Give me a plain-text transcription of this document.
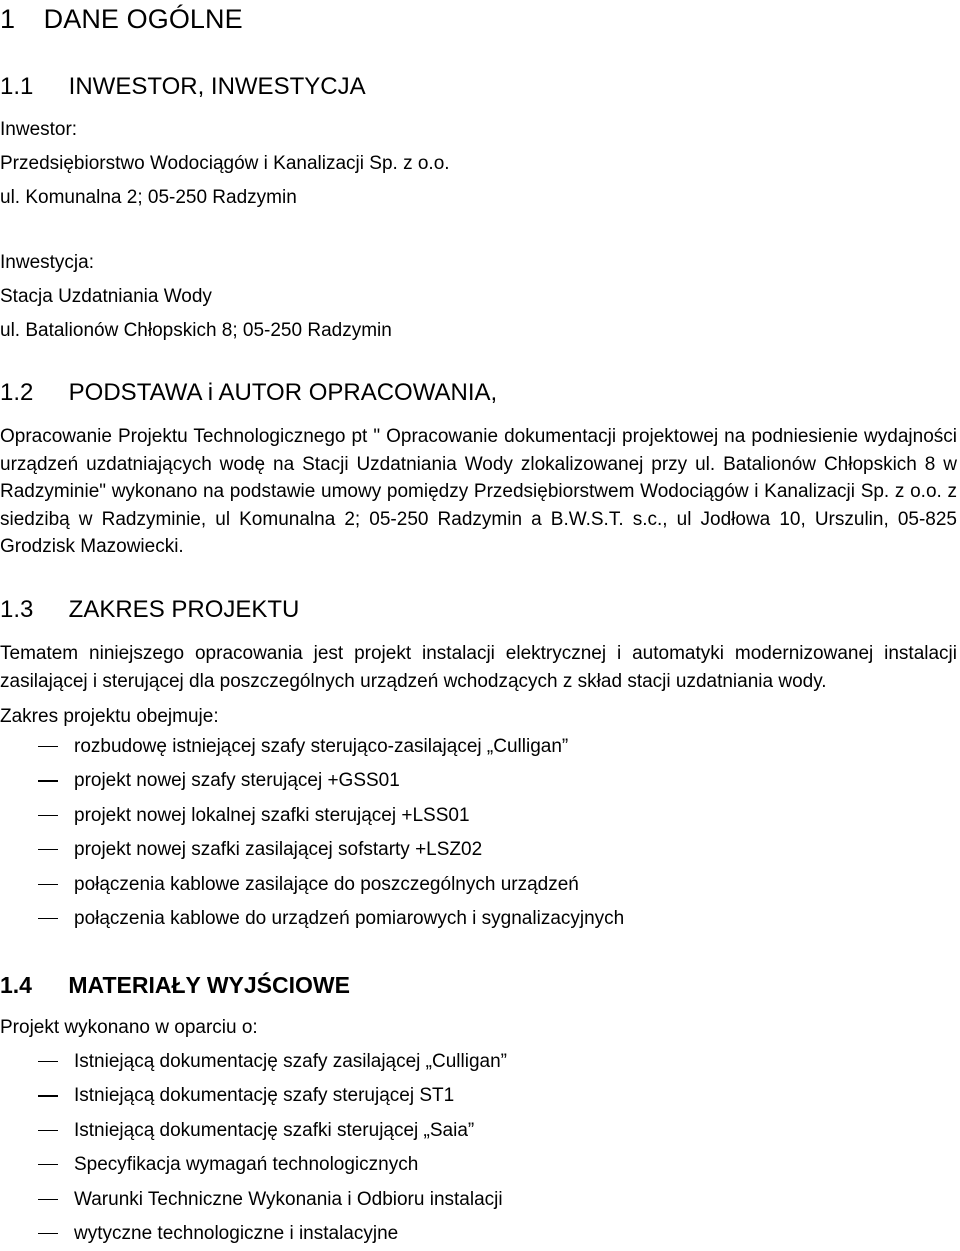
1 DANE OGÓLNE
1.1 INWESTOR, INWESTYCJA

Inwestor:

Przedsiębiorstwo Wodociągów i Kanalizacji Sp. z o.o.

ul. Komunalna 2; 05-250 Radzymin

Inwestycja:

Stacja Uzdatniania Wody

ul. Batalionów Chłopskich 8; 05-250 Radzymin

1.2 PODSTAWA i AUTOR OPRACOWANIA,

Opracowanie Projektu Technologicznego pt " Opracowanie dokumentacji projektowej na podniesienie wydajności urządzeń uzdatniających wodę na Stacji Uzdatniania Wody zlokalizowanej przy ul. Batalionów Chłopskich 8 w Radzyminie" wykonano na podstawie umowy pomiędzy Przedsiębiorstwem Wodociągów i Kanalizacji Sp. z o.o. z siedzibą w Radzyminie, ul Komunalna 2; 05-250 Radzymin a B.W.S.T. s.c., ul Jodłowa 10, Urszulin, 05-825 Grodzisk Mazowiecki.

1.3 ZAKRES PROJEKTU

Tematem niniejszego opracowania jest projekt instalacji elektrycznej i automatyki modernizowanej instalacji zasilającej i sterującej dla poszczególnych urządzeń wchodzących z skład stacji uzdatniania wody.

Zakres projektu obejmuje:

rozbudowę istniejącej szafy sterująco-zasilającej „Culligan”
projekt nowej szafy sterującej +GSS01
projekt nowej lokalnej szafki sterującej +LSS01
projekt nowej szafki zasilającej sofstarty +LSZ02
połączenia kablowe zasilające do poszczególnych urządzeń
połączenia kablowe do urządzeń pomiarowych i sygnalizacyjnych
1.4 MATERIAŁY WYJŚCIOWE

Projekt wykonano w oparciu o:

Istniejącą dokumentację szafy zasilającej „Culligan”
Istniejącą dokumentację szafy sterującej ST1
Istniejącą dokumentację szafki sterującej „Saia”
Specyfikacja wymagań technologicznych
Warunki Techniczne Wykonania i Odbioru instalacji
wytyczne technologiczne i instalacyjne
